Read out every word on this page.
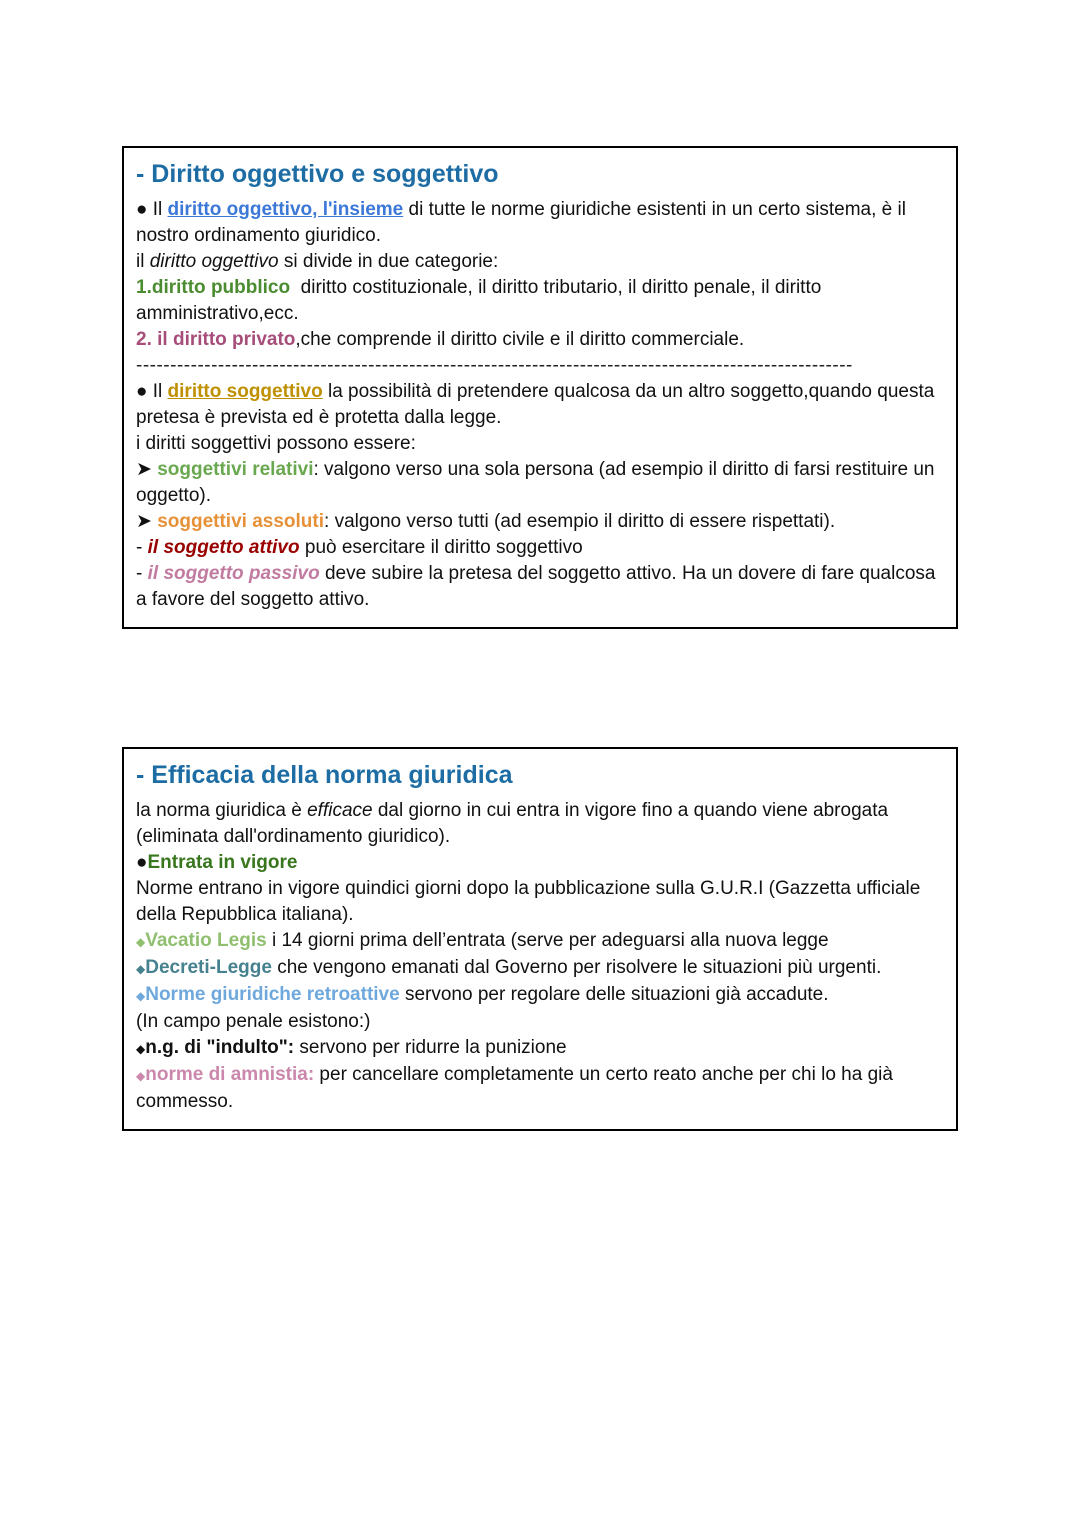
- Diritto oggettivo e soggettivo
● Il diritto oggettivo, l'insieme di tutte le norme giuridiche esistenti in un certo sistema, è il nostro ordinamento giuridico.
il diritto oggettivo si divide in due categorie:
1.diritto pubblico  diritto costituzionale, il diritto tributario, il diritto penale, il diritto amministrativo,ecc.
2. il diritto privato,che comprende il diritto civile e il diritto commerciale.
---------------------------------------------------------------------------------------------------------
● Il diritto soggettivo la possibilità di pretendere qualcosa da un altro soggetto,quando questa pretesa è prevista ed è protetta dalla legge.
i diritti soggettivi possono essere:
➤ soggettivi relativi: valgono verso una sola persona (ad esempio il diritto di farsi restituire un oggetto).
➤ soggettivi assoluti: valgono verso tutti (ad esempio il diritto di essere rispettati).
- il soggetto attivo può esercitare il diritto soggettivo
- il soggetto passivo deve subire la pretesa del soggetto attivo. Ha un dovere di fare qualcosa a favore del soggetto attivo.
- Efficacia della norma giuridica
la norma giuridica è efficace dal giorno in cui entra in vigore fino a quando viene abrogata (eliminata dall'ordinamento giuridico).
●Entrata in vigore
Norme entrano in vigore quindici giorni dopo la pubblicazione sulla G.U.R.I (Gazzetta ufficiale della Repubblica italiana).
◆Vacatio Legis i 14 giorni prima dell’entrata (serve per adeguarsi alla nuova legge
◆Decreti-Legge che vengono emanati dal Governo per risolvere le situazioni più urgenti.
◆Norme giuridiche retroattive servono per regolare delle situazioni già accadute.
(In campo penale esistono:)
◆n.g. di "indulto": servono per ridurre la punizione
◆norme di amnistia: per cancellare completamente un certo reato anche per chi lo ha già commesso.
